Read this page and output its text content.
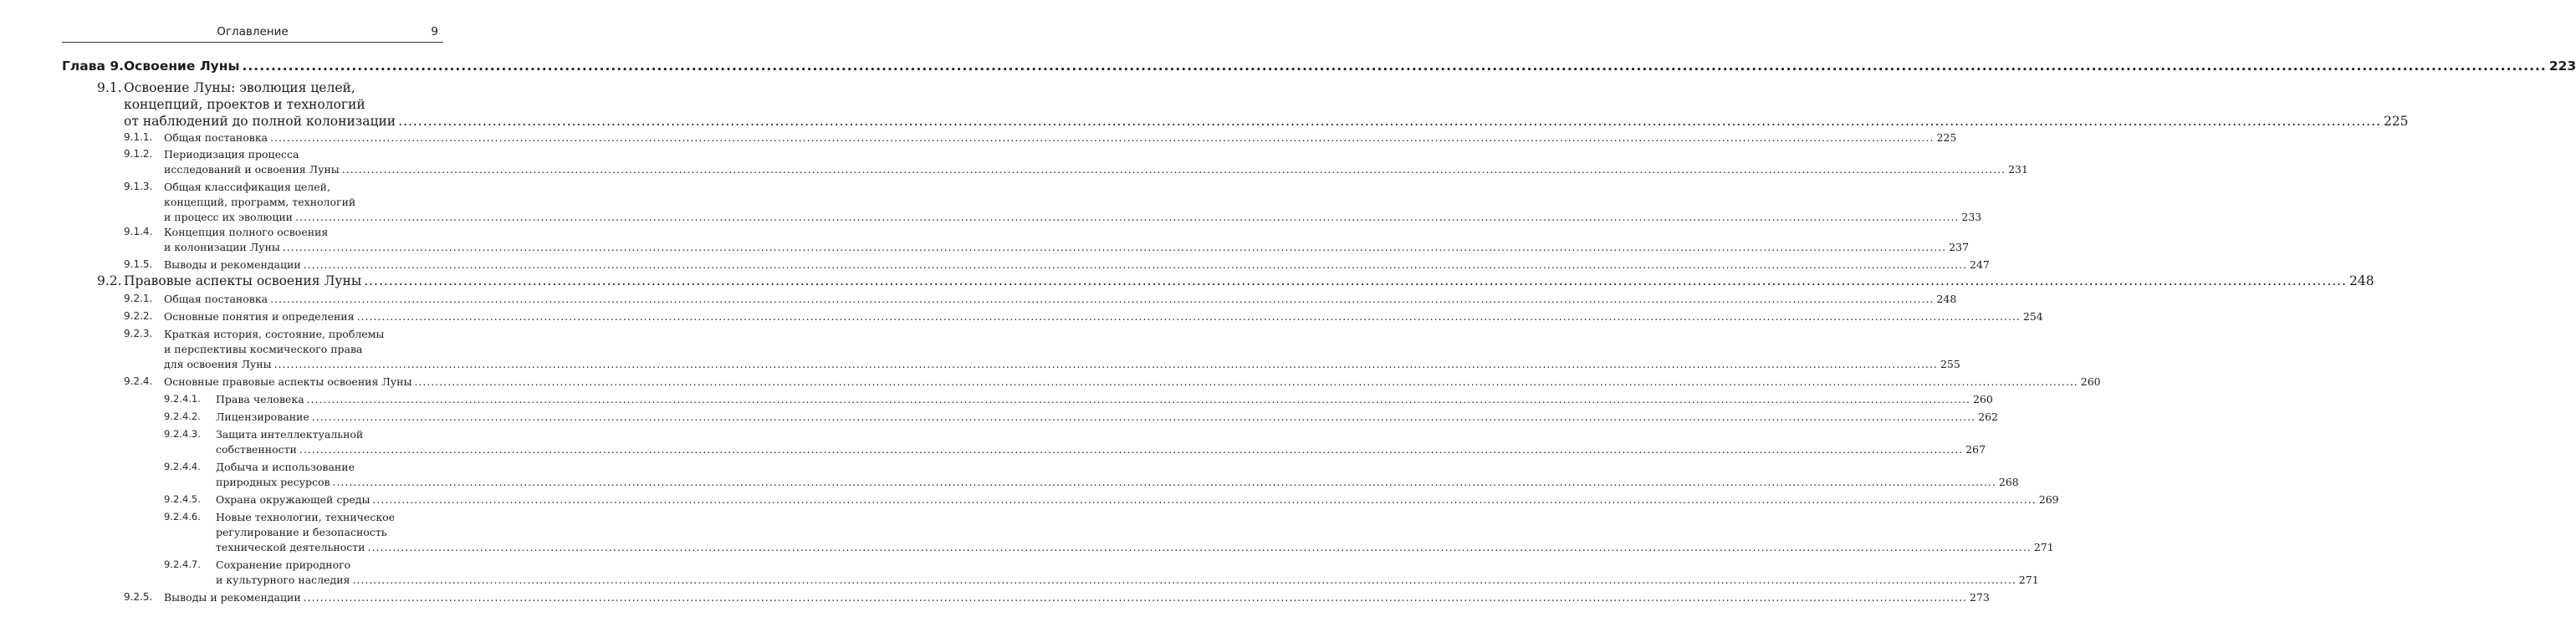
Оглавление	9
Глава 9. Освоение Луны ................................................................................................................................................................................................................................................................................................................................................................................................................ 223
9.1. Освоение Луны: эволюция целей,
концепций, проектов и технологий
от наблюдений до полной колонизации ................................................................................................................................................................................................................................................................................................................................................................................................................ 225
9.1.1. Общая постановка ................................................................................................................................................................................................................................................................................................................................................................................................................ 225
9.1.2. Периодизация процесса
исследований и освоения Луны ................................................................................................................................................................................................................................................................................................................................................................................................................ 231
9.1.3. Общая классификация целей,
концепций, программ, технологий
и процесс их эволюции ................................................................................................................................................................................................................................................................................................................................................................................................................ 233
9.1.4. Концепция полного освоения
и колонизации Луны ................................................................................................................................................................................................................................................................................................................................................................................................................ 237
9.1.5. Выводы и рекомендации ................................................................................................................................................................................................................................................................................................................................................................................................................ 247
9.2. Правовые аспекты освоения Луны ................................................................................................................................................................................................................................................................................................................................................................................................................ 248
9.2.1. Общая постановка ................................................................................................................................................................................................................................................................................................................................................................................................................ 248
9.2.2. Основные понятия и определения ................................................................................................................................................................................................................................................................................................................................................................................................................ 254
9.2.3. Краткая история, состояние, проблемы
и перспективы космического права
для освоения Луны ................................................................................................................................................................................................................................................................................................................................................................................................................ 255
9.2.4. Основные правовые аспекты освоения Луны ................................................................................................................................................................................................................................................................................................................................................................................................................ 260
9.2.4.1. Права человека ................................................................................................................................................................................................................................................................................................................................................................................................................ 260
9.2.4.2. Лицензирование ................................................................................................................................................................................................................................................................................................................................................................................................................ 262
9.2.4.3. Защита интеллектуальной
собственности ................................................................................................................................................................................................................................................................................................................................................................................................................ 267
9.2.4.4. Добыча и использование
природных ресурсов ................................................................................................................................................................................................................................................................................................................................................................................................................ 268
9.2.4.5. Охрана окружающей среды ................................................................................................................................................................................................................................................................................................................................................................................................................ 269
9.2.4.6. Новые технологии, техническое
регулирование и безопасность
технической деятельности ................................................................................................................................................................................................................................................................................................................................................................................................................ 271
9.2.4.7. Сохранение природного
и культурного наследия ................................................................................................................................................................................................................................................................................................................................................................................................................ 271
9.2.5. Выводы и рекомендации ................................................................................................................................................................................................................................................................................................................................................................................................................ 273
